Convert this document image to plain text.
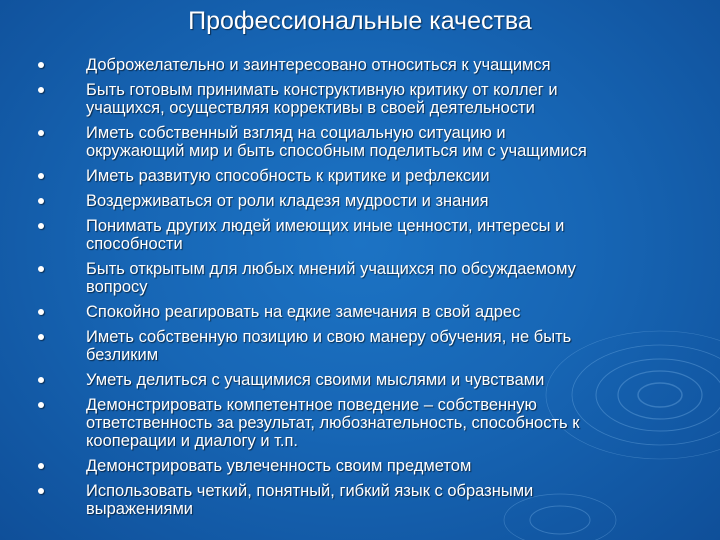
Профессиональные качества
Доброжелательно и заинтересовано относиться к учащимся
Быть готовым принимать конструктивную критику от коллег и
учащихся, осуществляя коррективы в своей деятельности
Иметь собственный взгляд на социальную ситуацию и
окружающий мир и быть способным поделиться им с учащимися
Иметь развитую способность к критике и рефлексии
Воздерживаться от роли кладезя мудрости и знания
Понимать других людей имеющих иные ценности, интересы и
способности
Быть открытым для любых мнений учащихся по обсуждаемому
вопросу
Спокойно реагировать на едкие замечания в свой адрес
Иметь собственную позицию и свою манеру обучения, не быть
безликим
Уметь делиться с учащимися своими мыслями и чувствами
Демонстрировать компетентное поведение – собственную
ответственность за результат, любознательность, способность к
кооперации и диалогу и т.п.
Демонстрировать увлеченность своим предметом
Использовать четкий, понятный, гибкий язык с образными
выражениями
